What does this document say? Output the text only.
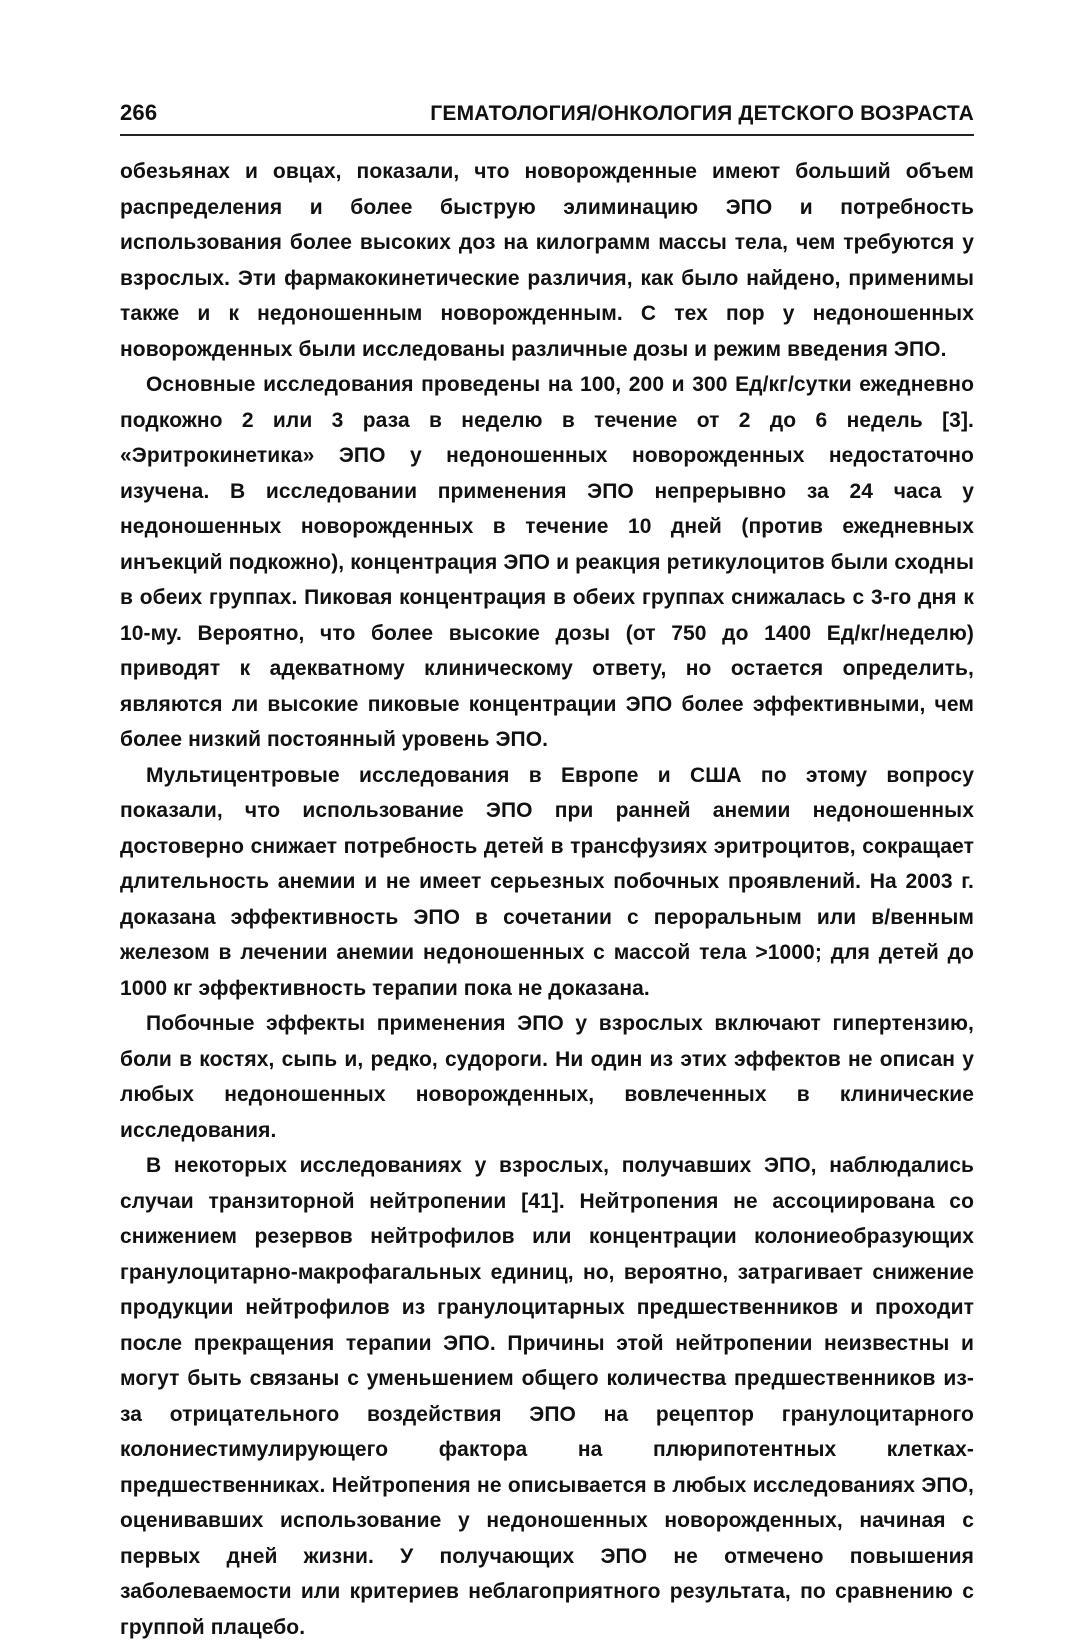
266	ГЕМАТОЛОГИЯ/ОНКОЛОГИЯ ДЕТСКОГО ВОЗРАСТА

обезьянах и овцах, показали, что новорожденные имеют больший объем распределения и более быструю элиминацию ЭПО и потребность использования более высоких доз на килограмм массы тела, чем требуются у взрослых. Эти фармакокинетические различия, как было найдено, применимы также и к недоношенным новорожденным. С тех пор у недоношенных новорожденных были исследованы различные дозы и режим введения ЭПО.

Основные исследования проведены на 100, 200 и 300 Ед/кг/сутки ежедневно подкожно 2 или 3 раза в неделю в течение от 2 до 6 недель [3]. «Эритрокинетика» ЭПО у недоношенных новорожденных недостаточно изучена. В исследовании применения ЭПО непрерывно за 24 часа у недоношенных новорожденных в течение 10 дней (против ежедневных инъекций подкожно), концентрация ЭПО и реакция ретикулоцитов были сходны в обеих группах. Пиковая концентрация в обеих группах снижалась с 3-го дня к 10-му. Вероятно, что более высокие дозы (от 750 до 1400 Ед/кг/неделю) приводят к адекватному клиническому ответу, но остается определить, являются ли высокие пиковые концентрации ЭПО более эффективными, чем более низкий постоянный уровень ЭПО.

Мультицентровые исследования в Европе и США по этому вопросу показали, что использование ЭПО при ранней анемии недоношенных достоверно снижает потребность детей в трансфузиях эритроцитов, сокращает длительность анемии и не имеет серьезных побочных проявлений. На 2003 г. доказана эффективность ЭПО в сочетании с пероральным или в/венным железом в лечении анемии недоношенных с массой тела >1000; для детей до 1000 кг эффективность терапии пока не доказана.

Побочные эффекты применения ЭПО у взрослых включают гипертензию, боли в костях, сыпь и, редко, судороги. Ни один из этих эффектов не описан у любых недоношенных новорожденных, вовлеченных в клинические исследования.

В некоторых исследованиях у взрослых, получавших ЭПО, наблюдались случаи транзиторной нейтропении [41]. Нейтропения не ассоциирована со снижением резервов нейтрофилов или концентрации колониеобразующих гранулоцитарно-макрофагальных единиц, но, вероятно, затрагивает снижение продукции нейтрофилов из гранулоцитарных предшественников и проходит после прекращения терапии ЭПО. Причины этой нейтропении неизвестны и могут быть связаны с уменьшением общего количества предшественников из-за отрицательного воздействия ЭПО на рецептор гранулоцитарного колониестимулирующего фактора на плюрипотентных клетках-предшественниках. Нейтропения не описывается в любых исследованиях ЭПО, оценивавших использование у недоношенных новорожденных, начиная с первых дней жизни. У получающих ЭПО не отмечено повышения заболеваемости или критериев неблагоприятного результата, по сравнению с группой плацебо.
